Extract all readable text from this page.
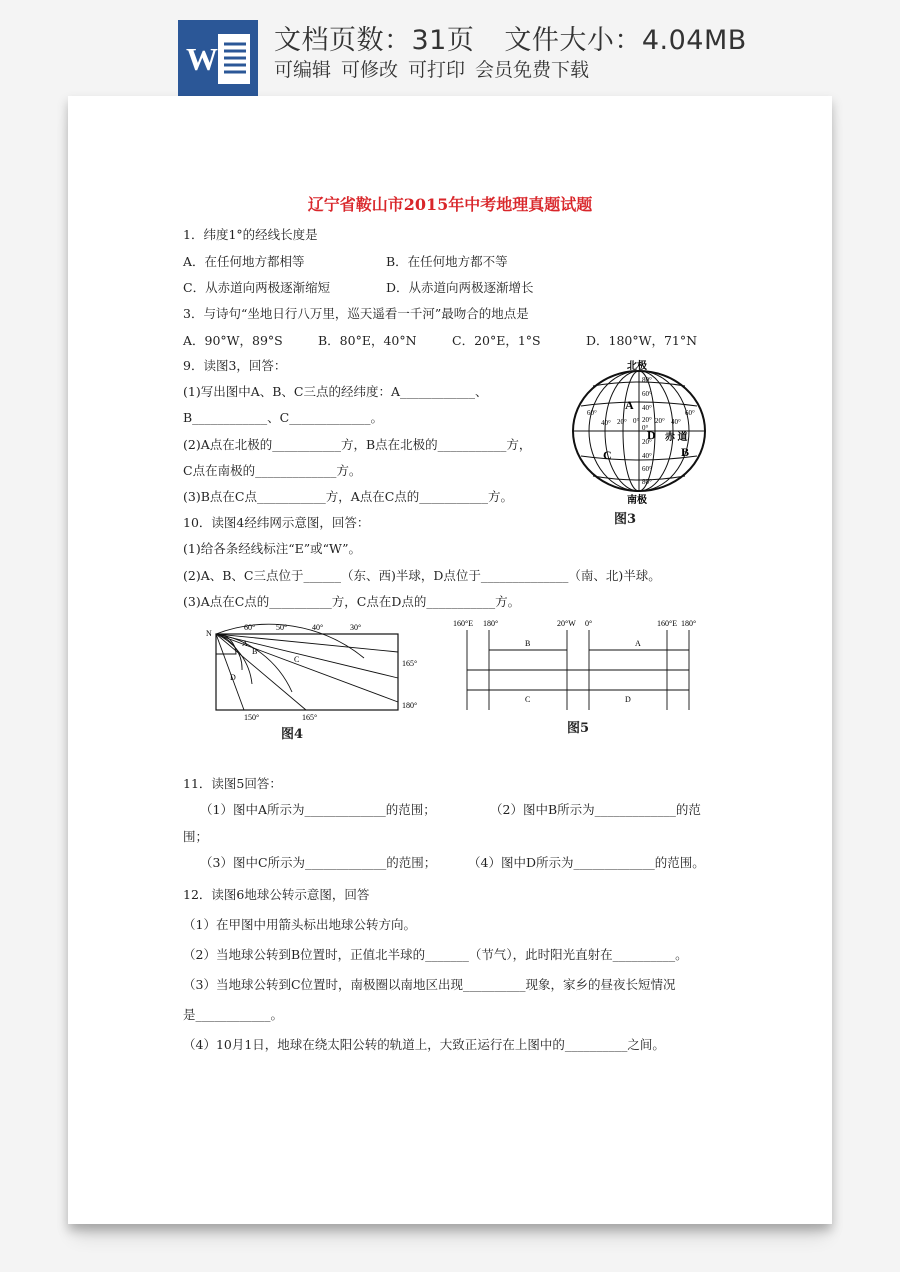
W
文档页数：31页 文件大小：4.04MB
可编辑 可修改 可打印 会员免费下载
辽宁省鞍山市2015年中考地理真题试题
1．纬度1°的经线长度是
A．在任何地方都相等	B．在任何地方都不等
C．从赤道向两极逐渐缩短	D．从赤道向两极逐渐增长
3．与诗句“坐地日行八万里，巡天遥看一千河”最吻合的地点是
A．90°W，89°S	B．80°E，40°N	C．20°E，1°S	D．180°W，71°N
9．读图3，回答：
(1)写出图中A、B、C三点的经纬度：A____________、
B____________、C_____________。
(2)A点在北极的___________方，B点在北极的___________方，
C点在南极的_____________方。
(3)B点在C点___________方，A点在C点的___________方。
北极
南极
赤 道
A
B
C
D
80°
60°
40°
20°
0°
20°
40°
60°
80°
60°
40° 20° 0° 20° 40°
60°
图3
10．读图4经纬网示意图，回答：
(1)给各条经线标注“E”或“W”。
(2)A、B、C三点位于______（东、西)半球，D点位于______________（南、北)半球。
(3)A点在C点的__________方，C点在D点的___________方。
N
60°	50°	40°	30°
165°
180°
150°	165°
A
B
C
D
图4
160°E 180°	20°W 0°	160°E 180°
B	A
C	D
图5
11．读图5回答：
（1）图中A所示为_____________的范围；	（2）图中B所示为_____________的范
围；
（3）图中C所示为_____________的范围；	（4）图中D所示为_____________的范围。
12．读图6地球公转示意图，回答
（1）在甲图中用箭头标出地球公转方向。
（2）当地球公转到B位置时，正值北半球的_______（节气），此时阳光直射在__________。
（3）当地球公转到C位置时，南极圈以南地区出现__________现象，家乡的昼夜长短情况
是____________。
（4）10月1日，地球在绕太阳公转的轨道上，大致正运行在上图中的__________之间。
